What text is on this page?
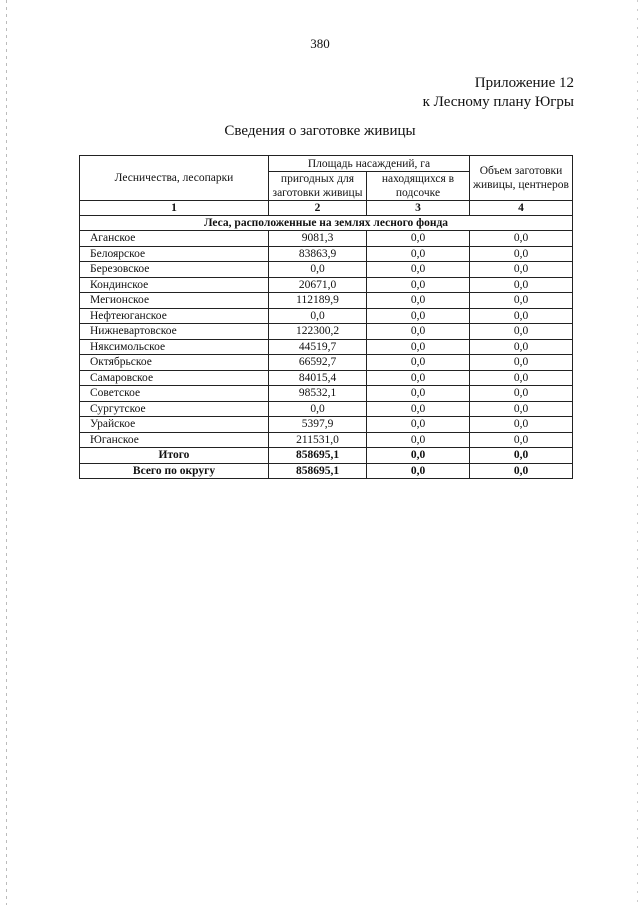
380
Приложение 12
к Лесному плану Югры
Сведения о заготовке живицы
Лесничества, лесопарки	Площадь насаждений, га		Объем заготовки живицы, центнеров
	пригодных для заготовки живицы	находящихся в подсочке	
1	2	3	4
Леса, расположенные на землях лесного фонда			
Аганское	9081,3	0,0	0,0
Белоярское	83863,9	0,0	0,0
Березовское	0,0	0,0	0,0
Кондинское	20671,0	0,0	0,0
Мегионское	112189,9	0,0	0,0
Нефтеюганское	0,0	0,0	0,0
Нижневартовское	122300,2	0,0	0,0
Няксимольское	44519,7	0,0	0,0
Октябрьское	66592,7	0,0	0,0
Самаровское	84015,4	0,0	0,0
Советское	98532,1	0,0	0,0
Сургутское	0,0	0,0	0,0
Урайское	5397,9	0,0	0,0
Юганское	211531,0	0,0	0,0
Итого	858695,1	0,0	0,0
Всего по округу	858695,1	0,0	0,0
